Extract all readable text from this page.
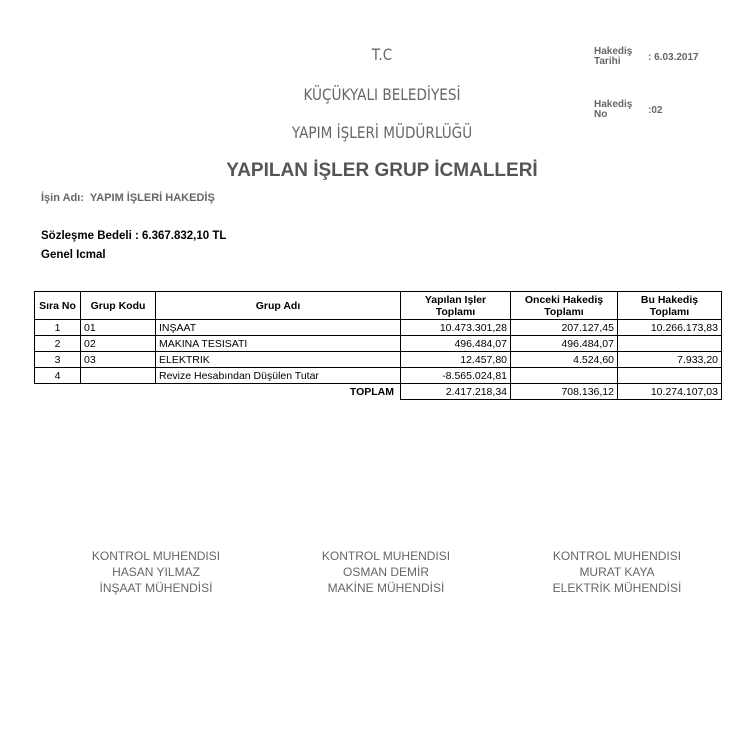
T.C
KÜÇÜKYALI BELEDİYESİ
YAPIM İŞLERİ MÜDÜRLÜĞÜ
YAPILAN İŞLER GRUP İCMALLERİ
Hakediş
Tarihi	: 6.03.2017
Hakediş
No	:02
İşin Adı: YAPIM İŞLERİ HAKEDİŞ
Sözleşme Bedeli : 6.367.832,10 TL
Genel Icmal
Sıra No	Grup Kodu	Grup Adı	Yapılan Işler Toplamı	Onceki Hakediş Toplamı	Bu Hakediş Toplamı
1	01	INŞAAT	10.473.301,28	207.127,45	10.266.173,83
2	02	MAKINA TESISATI	496.484,07	496.484,07	
3	03	ELEKTRIK	12.457,80	4.524,60	7.933,20
4		Revize Hesabından Düşülen Tutar	-8.565.024,81		
		TOPLAM	2.417.218,34	708.136,12	10.274.107,03
KONTROL MUHENDISI
HASAN YILMAZ
İNŞAAT MÜHENDİSİ
KONTROL MUHENDISI
OSMAN DEMİR
MAKİNE MÜHENDİSİ
KONTROL MUHENDISI
MURAT KAYA
ELEKTRİK MÜHENDİSİ
